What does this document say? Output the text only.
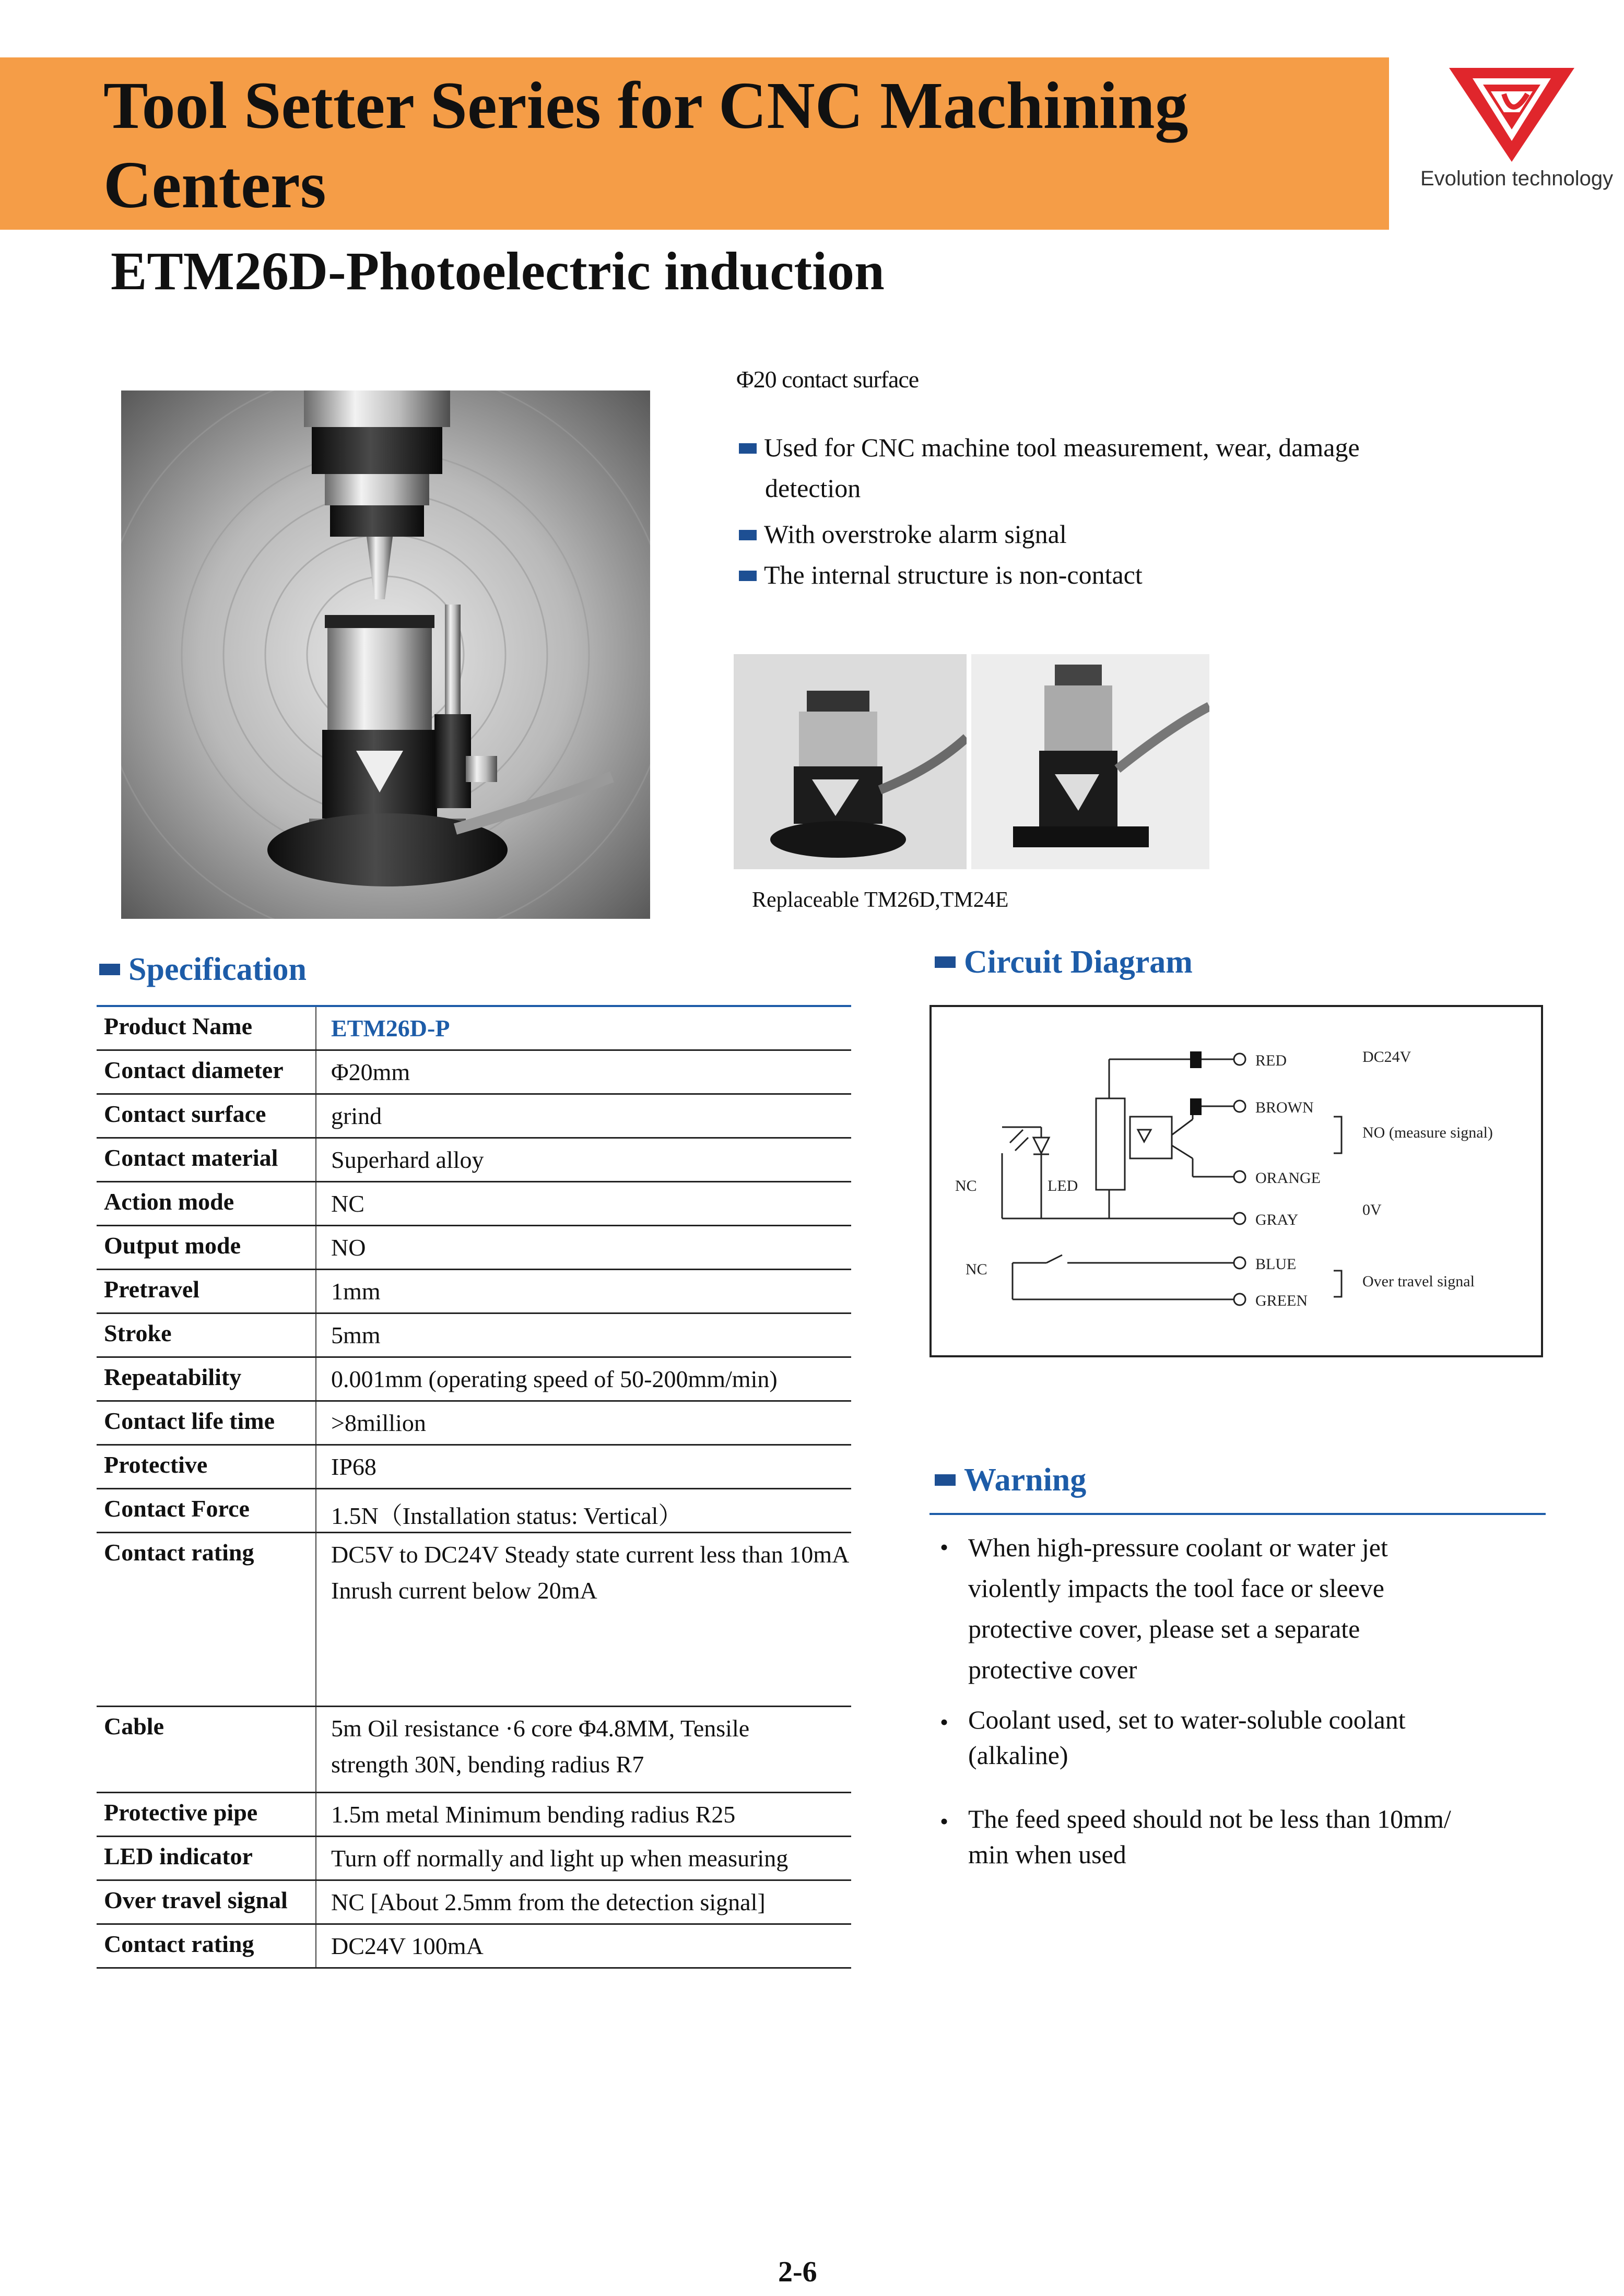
Tool Setter Series for CNC Machining Centers
ETM26D-Photoelectric induction
Evolution technology
Replaceable TM26D,TM24E
Φ20 contact surface
Used for CNC machine tool measurement, wear, damage
detection
With overstroke alarm signal
The internal structure is non-contact
Specification
Product Name	ETM26D-P
Contact diameter	Φ20mm
Contact surface	grind
Contact material	Superhard alloy
Action mode	NC
Output mode	NO
Pretravel	1mm
Stroke	5mm
Repeatability	0.001mm (operating speed of 50-200mm/min)
Contact life time	>8million
Protective	IP68
Contact Force	1.5N（Installation status: Vertical）
Contact rating	DC5V to DC24V Steady state current less than 10mA
Inrush current below 20mA

Cable	5m Oil resistance ·6 core Φ4.8MM, Tensile
strength 30N, bending radius R7

Protective pipe	1.5m metal Minimum bending radius R25
LED indicator	Turn off normally and light up when measuring
Over travel signal	NC [About 2.5mm from the detection signal]
Contact rating	DC24V 100mA
Circuit Diagram
RED
BROWN
ORANGE
GRAY
BLUE
GREEN
NC
NC
LED
DC24V
NO (measure signal)
0V
Over travel signal
Warning
• When high-pressure coolant or water jet
violently impacts the tool face or sleeve
protective cover, please set a separate
protective cover
• Coolant used, set to water-soluble coolant
(alkaline)
• The feed speed should not be less than 10mm/
min when used
2-6
